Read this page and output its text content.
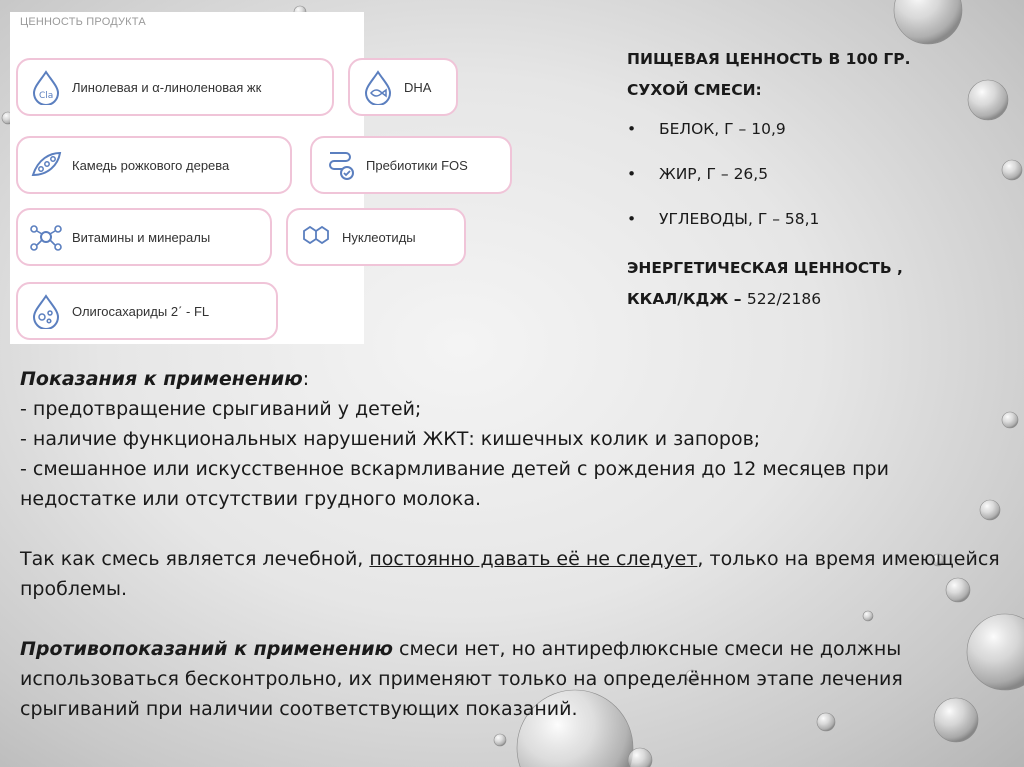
ЦЕННОСТЬ ПРОДУКТА
Cla
Линолевая и α-линоленовая жк	DHA
Камедь рожкового дерева	Пребиотики FOS
Витамины и минералы	Нуклеотиды
Олигосахариды 2΄ - FL
ПИЩЕВАЯ ЦЕННОСТЬ В 100 ГР.
СУХОЙ СМЕСИ:
•	БЕЛОК, Г – 10,9
•	ЖИР, Г – 26,5
•	УГЛЕВОДЫ, Г – 58,1
ЭНЕРГЕТИЧЕСКАЯ ЦЕННОСТЬ ,
ККАЛ/КДЖ – 522/2186

Показания к применению:

- предотвращение срыгиваний у детей;

- наличие функциональных нарушений ЖКТ: кишечных колик и запоров;

- смешанное или искусственное вскармливание детей с рождения до 12 месяцев при недостатке или отсутствии грудного молока.

Так как смесь является лечебной, постоянно давать её не следует, только на время имеющейся проблемы.

Противопоказаний к применению смеси нет, но антирефлюксные смеси не должны использоваться бесконтрольно, их применяют только на определённом этапе лечения срыгиваний при наличии соответствующих показаний.
